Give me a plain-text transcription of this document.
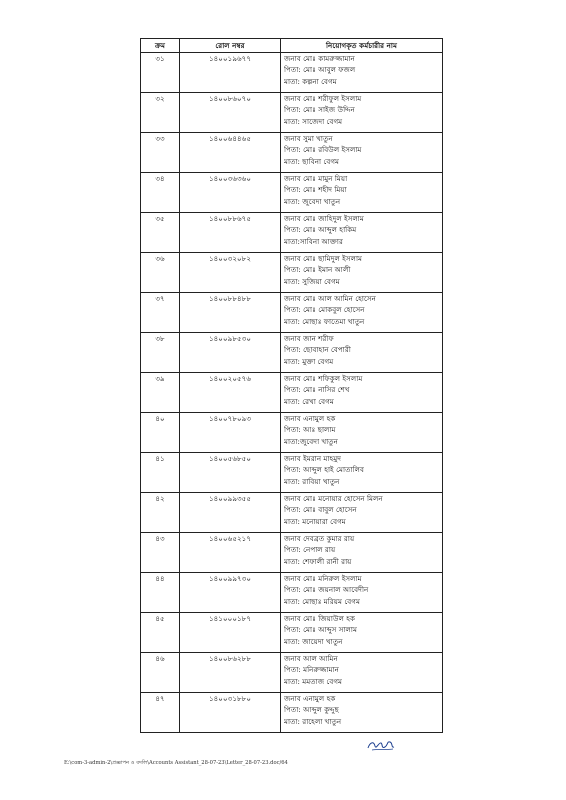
ক্রম	রোল নম্বর	নিয়োগকৃত কর্মচারীর নাম
৩১	১৪০০১৯৬৭৭	জনাব মোঃ কামরুজ্জামান
পিতা: মোঃ আবুল ফজল
মাতা: কল্পনা বেগম

৩২	১৪০০৮৬০৭০	জনাব মোঃ শরীফুল ইসলাম
পিতা: মোঃ সাইজ উদ্দিন
মাতা: সাজেদা বেগম

৩৩	১৪০০৬৪৪৬৫	জনাব সুমা খাতুন
পিতা: মোঃ রবিউল ইসলাম
মাতা: ছাবিনা বেগম

৩৪	১৪০০৩৬৩৬০	জনাব মোঃ মামুন মিয়া
পিতা: মোঃ শহীদ মিয়া
মাতা: জুবেদা খাতুন

৩৫	১৪০০৮৮৬৭৫	জনাব মোঃ জাহিদুল ইসলাম
পিতা: মোঃ আব্দুল হাকিম
মাতা:সাবিনা আক্তার

৩৬	১৪০০৩২০৮২	জনাব মোঃ ছামিদুল ইসলাম
পিতা: মোঃ ইমান আলী
মাতা: সুজিয়া বেগম

৩৭	১৪০০৮৮৪৮৮	জনাব মোঃ আল আমিন হোসেন
পিতা: মোঃ মোকবুল হোসেন
মাতা: মোছাঃ ফাতেমা খাতুন

৩৮	১৪০০৯৮৫৩০	জনাব জান শরীফ
পিতা: ছোবাহান বেপারী
মাতা: মুক্তা বেগম

৩৯	১৪০০২০৫৭৬	জনাব মোঃ শফিকুল ইসলাম
পিতা: মোঃ নাসির শেখ
মাতা: রেখা বেগম

৪০	১৪০০৭৮০৯৩	জনাব এনামুল হক
পিতা: আঃ ছালাম
মাতা:জুবেদা খাতুন

৪১	১৪০০৫৬৮৫০	জনাব ইমরান মাহমুদ
পিতা: আব্দুল হাই মোতালিব
মাতা: রাবিয়া খাতুন

৪২	১৪০০৯৯৩৫৫	জনাব মোঃ মনোয়ার হোসেন মিলন
পিতা: মোঃ বাবুল হোসেন
মাতা: মনোয়ারা বেগম

৪৩	১৪০০৬৫২১৭	জনাব দেবব্রত কুমার রায়
পিতা: নেপাল রায়
মাতা: শেফালী রানী রায়

৪৪	১৪০০৯৯৭৩০	জনাব মোঃ মনিরুল ইসলাম
পিতা: মোঃ জয়নাল আবেদীন
মাতা: মোছাঃ মরিয়ম বেগম

৪৫	১৪১০০০১৮৭	জনাব মোঃ জিয়াউল হক
পিতা: মোঃ আব্দুস সালাম
মাতা: জায়েদা খাতুন

৪৬	১৪০০৮৬২৮৮	জনাব আল আমিন
পিতা: মনিরুজ্জামান
মাতা: মমতাজ বেগম

৪৭	১৪০০৩১৮৮০	জনাব এনামুল হক
পিতা: আব্দুল কুদ্দুছ
মাতা: রাহেলা খাতুন
E:\com-3-admin-2\প্রজ্ঞাপন ও বদলি\Accounts Assistant_28-07-23\Letter_28-07-23.doc/64
